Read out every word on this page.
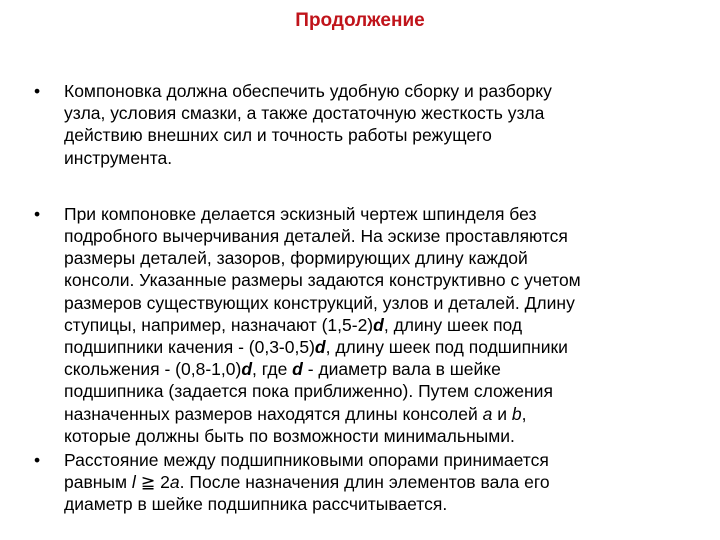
Продолжение
•	Компоновка должна обеспечить удобную сборку и разборку
узла, условия смазки, а также достаточную жесткость узла
действию внешних сил и точность работы режущего
инструмента.
•	При компоновке делается эскизный чертеж шпинделя без
подробного вычерчивания деталей. На эскизе проставляются
размеры деталей, зазоров, формирующих длину каждой
консоли. Указанные размеры задаются конструктивно с учетом
размеров существующих конструкций, узлов и деталей. Длину
ступицы, например, назначают (1,5-2)d, длину шеек под
подшипники качения - (0,3-0,5)d, длину шеек под подшипники
скольжения - (0,8-1,0)d, где d - диаметр вала в шейке
подшипника (задается пока приближенно). Путем сложения
назначенных размеров находятся длины консолей a и b,
которые должны быть по возможности минимальными.
•	Расстояние между подшипниковыми опорами принимается
равным l ≧ 2a. После назначения длин элементов вала его
диаметр в шейке подшипника рассчитывается.
